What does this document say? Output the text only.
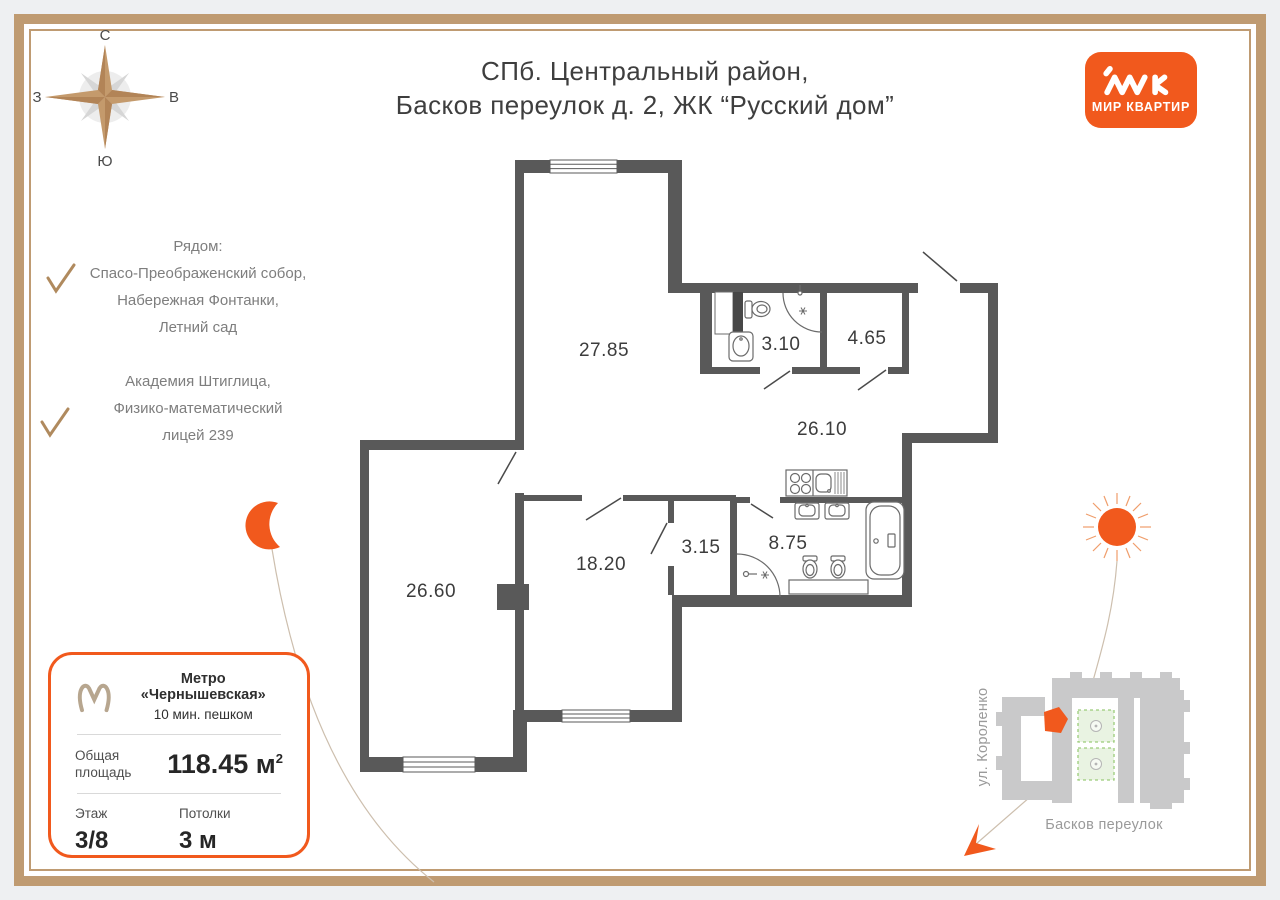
С
В
Ю
З
27.85	3.10 4.65
26.10
26.60
18.20
3.15	8.75
ул. Короленко
Басков переулок
СПб. Центральный район,
Басков переулок д. 2, ЖК “Русский дом”	МИР КВАРТИР
Рядом:
Спасо-Преображенский собор,
Набережная Фонтанки,
Летний сад
Академия Штиглица,
Физико-математический
лицей 239
Метро «Чернышевская»
10 мин. пешком
Общая
площадь 118.45 $м^2$
Этаж
3/8
Потолки
3 м
